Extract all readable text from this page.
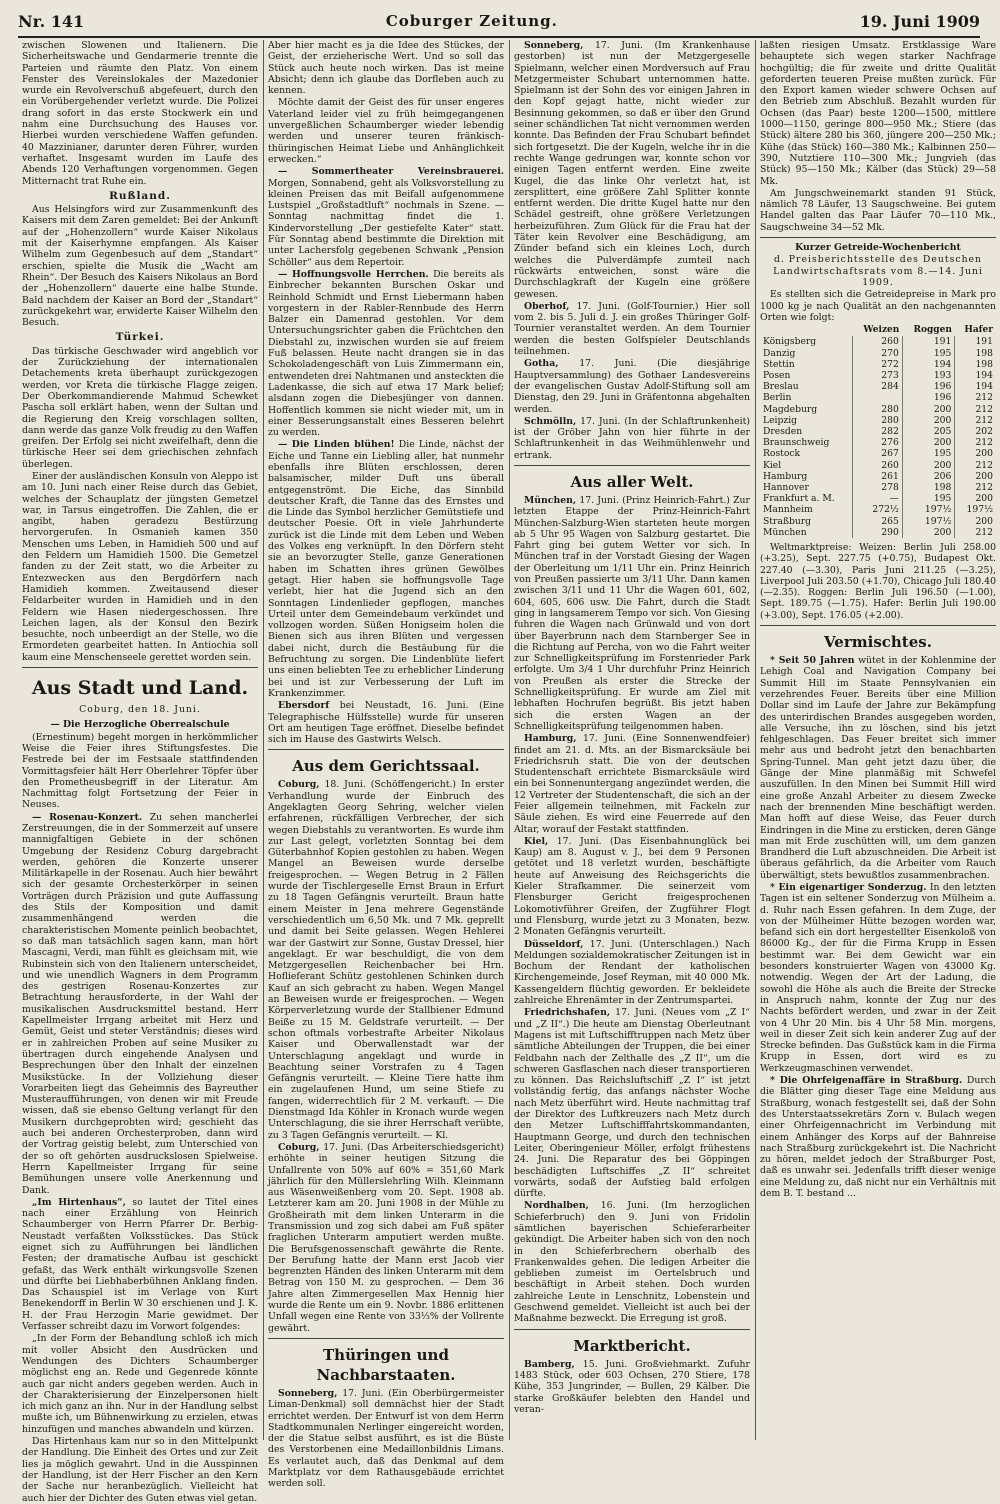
Nr. 141	Coburger Zeitung.	19. Juni 1909

zwischen Slowenen und Italienern. Die Sicherheitswache und Gendarmerie trennte die Parteien und räumte den Platz. Von einem Fenster des Vereinslokales der Mazedonier wurde ein Revolverschuß abgefeuert, durch den ein Vorübergehender verletzt wurde. Die Polizei drang sofort in das erste Stockwerk ein und nahm eine Durchsuchung des Hauses vor. Hierbei wurden verschiedene Waffen gefunden. 40 Mazzinianer, darunter deren Führer, wurden verhaftet. Insgesamt wurden im Laufe des Abends 120 Verhaftungen vorgenommen. Gegen Mitternacht trat Ruhe ein.

Rußland.

Aus Helsingfors wird zur Zusammenkunft des Kaisers mit dem Zaren gemeldet: Bei der Ankunft auf der „Hohenzollern“ wurde Kaiser Nikolaus mit der Kaiserhymne empfangen. Als Kaiser Wilhelm zum Gegenbesuch auf dem „Standart“ erschien, spielte die Musik die „Wacht am Rhein“. Der Besuch des Kaisers Nikolaus an Bord der „Hohenzollern“ dauerte eine halbe Stunde. Bald nachdem der Kaiser an Bord der „Standart“ zurückgekehrt war, erwiderte Kaiser Wilhelm den Besuch.

Türkei.

Das türkische Geschwader wird angeblich vor der Zurückziehung der internationalen Detachements kreta überhaupt zurückgezogen werden, vor Kreta die türkische Flagge zeigen. Der Oberkommandierende Mahmud Schewket Pascha soll erklärt haben, wenn der Sultan und die Regierung den Kreig vorschlagen sollten, dann werde das ganze Volk freudig zu den Waffen greifen. Der Erfolg sei nicht zweifelhaft, denn die türkische Heer sei dem griechischen zehnfach überlegen.

Einer der ausländischen Konsuln von Aleppo ist am 10. Juni nach einer Reise durch das Gebiet, welches der Schauplatz der jüngsten Gemetzel war, in Tarsus eingetroffen. Die Zahlen, die er angibt, haben geradezu Bestürzung hervorgerufen. In Osmanieh kamen 350 Menschen ums Leben, in Hamidieh 500 und auf den Feldern um Hamidieh 1500. Die Gemetzel fanden zu der Zeit statt, wo die Arbeiter zu Entezwecken aus den Bergdörfern nach Hamidieh kommen. Zweitausend dieser Feldarbeiter wurden in Hamidieh und in den Feldern wie Hasen niedergeschossen. Ihre Leichen lagen, als der Konsul den Bezirk besuchte, noch unbeerdigt an der Stelle, wo die Ermordeten gearbeitet hatten. In Antiochia soll kaum eine Menschenseele gerettet worden sein.

Aus Stadt und Land.
Coburg, den 18. Juni.
— Die Herzogliche Oberrealschule

(Ernestinum) begeht morgen in herkömmlicher Weise die Feier ihres Stiftungsfestes. Die Festrede bei der im Festsaale stattfindenden Vormittagsfeier hält Herr Oberlehrer Töpfer über den Prometheusbegriff in der Literatur. Am Nachmittag folgt Fortsetzung der Feier in Neuses.

— Rosenau-Konzert. Zu sehen mancherlei Zerstreuungen, die in der Sommerzeit auf unsere mannigfaltigen Gebiete in der schönen Umgebung der Residenz Coburg dargebracht werden, gehören die Konzerte unserer Militärkapelle in der Rosenau. Auch hier bewährt sich der gesamte Orchesterkörper in seinen Vorträgen durch Präzision und gute Auffassung des Stils der Komposition und damit zusammenhängend werden die charakteristischen Momente peinlich beobachtet, so daß man tatsächlich sagen kann, man hört Mascagni, Verdi, man fühlt es gleichsam mit, wie Rubinstein sich von den Italienern unterscheidet, und wie unendlich Wagners in dem Programm des gestrigen Rosenau-Konzertes zur Betrachtung herausforderte, in der Wahl der musikalischen Ausdrucksmittel bestand. Herr Kapellmeister Irrgang arbeitet mit Herz und Gemüt, Geist und steter Verständnis; dieses wird er in zahlreichen Proben auf seine Musiker zu übertragen durch eingehende Analysen und Besprechungen über den Inhalt der einzelnen Musikstücke. In der Vollziehung dieser Vorarbeiten liegt das Geheimnis des Bayreuther Musteraufführungen, von denen wir mit Freude wissen, daß sie ebenso Geltung verlangt für den Musikern durchgeprobten wird; geschieht das auch bei anderen Orchesterproben, dann wird der Vortrag geistig belebt, zum Unterschied von der so oft gehörten ausdruckslosen Spielweise. Herrn Kapellmeister Irrgang für seine Bemühungen unsere volle Anerkennung und Dank.

„Im Hirtenhaus“, so lautet der Titel eines nach einer Erzählung von Heinrich Schaumberger von Herrn Pfarrer Dr. Berbig-Neustadt verfaßten Volksstückes. Das Stück eignet sich zu Aufführungen bei ländlichen Festen; der dramatische Aufbau ist geschickt gefaßt, das Werk enthält wirkungsvolle Szenen und dürfte bei Liebhaberbühnen Anklang finden. Das Schauspiel ist im Verlage von Kurt Benekendorff in Berlin W 30 erschienen und J. K. H. der Frau Herzogin Marie gewidmet. Der Verfasser schreibt dazu im Vorwort folgendes:

„In der Form der Behandlung schloß ich mich mit voller Absicht den Ausdrücken und Wendungen des Dichters Schaumberger möglichst eng an. Rede und Gegenrede könnte auch gar nicht anders gegeben werden. Auch in der Charakterisierung der Einzelpersonen hielt ich mich ganz an ihn. Nur in der Handlung selbst mußte ich, um Bühnenwirkung zu erzielen, etwas hinzufügen und manches abwandeln und kürzen.

Das Hirtenhaus kam nur so in den Mittelpunkt der Handlung. Die Einheit des Ortes und zur Zeit lies ja möglich gewahrt. Und in die Ausspinnen der Handlung, ist der Herr Fischer an den Kern der Sache nur heranbezüglich. Vielleicht hat auch hier der Dichter des Guten etwas viel getan.

Aber hier macht es ja die Idee des Stückes, der Geist, der erzieherische Wert. Und so soll das Stück auch heute noch wirken. Das ist meine Absicht; denn ich glaube das Dorfleben auch zu kennen.

Möchte damit der Geist des für unser engeres Vaterland leider viel zu früh heimgegangenen unvergeßlichen Schaumberger wieder lebendig werden und unserer teuren fränkisch-thüringischen Heimat Liebe und Anhänglichkeit erwecken.“

— Sommertheater Vereinsbrauerei. Morgen, Sonnabend, geht als Volksvorstellung zu kleinen Preisen das mit Beifall aufgenommene Lustspiel „Großstadtluft“ nochmals in Szene. — Sonntag nachmittag findet die 1. Kindervorstellung „Der gestiefelte Kater“ statt. Für Sonntag abend bestimmte die Direktion mit unter Lachersfolg gegebenen Schwank „Pension Schöller“ aus dem Repertoir.

— Hoffnungsvolle Herrchen. Die bereits als Einbrecher bekannten Burschen Oskar und Reinhold Schmidt und Ernst Liebermann haben vorgestern in der Rabler-Rennbude des Herrn Balzer ein Damenrad gestohlen. Vor dem Untersuchungsrichter gaben die Früchtchen den Diebstahl zu, inzwischen wurden sie auf freiem Fuß belassen. Heute nacht drangen sie in das Schokoladengeschäft von Luis Zimmermann ein, entwendeten drei Nahtmanen und ansteckten die Ladenkasse, die sich auf etwa 17 Mark belief; alsdann zogen die Diebesjünger von dannen. Hoffentlich kommen sie nicht wieder mit, um in einer Besserungsanstalt eines Besseren belehrt zu werden.

— Die Linden blühen! Die Linde, nächst der Eiche und Tanne ein Liebling aller, hat nunmehr ebenfalls ihre Blüten erschlossen, deren balsamischer, milder Duft uns überall entgegenströmt. Die Eiche, das Sinnbild deutscher Kraft, die Tanne das des Ernstes und die Linde das Symbol herzlicher Gemütstiefe und deutscher Poesie. Oft in viele Jahrhunderte zurück ist die Linde mit dem Leben und Weben des Volkes eng verknüpft. In den Dörfern steht sie an bevorzugter Stelle, ganze Generationen haben im Schatten ihres grünen Gewölbes getagt. Hier haben sie hoffnungsvolle Tage verlebt, hier hat die Jugend sich an den Sonntagen Lindenlieder gepflogen, manches Urteil unter dem Gemeindebaum verkündet und vollzogen worden. Süßen Honigseim holen die Bienen sich aus ihren Blüten und vergessen dabei nicht, durch die Bestäubung für die Befruchtung zu sorgen. Die Lindenblüte liefert uns einen beliebten Tee zu erheblicher Linderung bei und ist zur Verbesserung der Luft im Krankenzimmer.

Ebersdorf bei Neustadt, 16. Juni. (Eine Telegraphische Hülfsstelle) wurde für unseren Ort am heutigen Tage eröffnet. Dieselbe befindet sich im Hause des Gastwirts Welsch.

Aus dem Gerichtssaal.

Coburg, 18. Juni. (Schöffengericht.) In erster Verhandlung wurde der Einbruch des Angeklagten Georg Sehring, welcher vielen erfahrenen, rückfälligen Verbrecher, der sich wegen Diebstahls zu verantworten. Es wurde ihm zur Last gelegt, vorletzten Sonntag bei dem Güterbahnhof Kopien gestohlen zu haben. Wegen Mangel an Beweisen wurde derselbe freigesprochen. — Wegen Betrug in 2 Fällen wurde der Tischlergeselle Ernst Braun in Erfurt zu 18 Tagen Gefängnis verurteilt. Braun hatte einem Meister in Jena mehrere Gegenstände verschiedentlich um 6,50 Mk. und 7 Mk. geprellt und damit bei Seite gelassen. Wegen Hehlerei war der Gastwirt zur Sonne, Gustav Dressel, hier angeklagt. Er war beschuldigt, die von dem Metzgergesellen Reichenbacher bei Hrn. Hoflieferant Schütz gestohlenen Schinken durch Kauf an sich gebracht zu haben. Wegen Mangel an Beweisen wurde er freigesprochen. — Wegen Körperverletzung wurde der Stallbiener Edmund Beiße zu 15 M. Geldstrafe verurteilt. — Der schon oftmals vorbestrafte Arbeiter Nikolaus Kaiser und Oberwallenstadt war der Unterschlagung angeklagt und wurde in Beachtung seiner Vorstrafen zu 4 Tagen Gefängnis verurteilt. — Kleine Tiere hatte ihm ein zugelaufenen Hund, um seine Stiefe zu fangen, widerrechtlich für 2 M. verkauft. — Die Dienstmagd Ida Köhler in Kronach wurde wegen Unterschlagung, die sie ihrer Herrschaft verübte, zu 3 Tagen Gefängnis verurteilt. — Kl.

Coburg, 17. Juni. (Das Arbeiterschiedsgericht) erhöhte in seiner heutigen Sitzung die Unfallrente von 50% auf 60% = 351,60 Mark jährlich für den Müllerslehrling Wilh. Kleinmann aus Wäsenweißenberg vom 20. Sept. 1908 ab. Letzterer kam am 20. Juni 1908 in der Mühle zu Großheirath mit dem linken Unterarm in die Transmission und zog sich dabei am Fuß später fraglichen Unterarm amputiert werden mußte. Die Berufsgenossenschaft gewährte die Rente. Der Berufung hatte der Mann erst Jacob vier begrenzten Händen des linken Unterarm mit dem Betrag von 150 M. zu gesprochen. — Dem 36 Jahre alten Zimmergesellen Max Hennig hier wurde die Rente um ein 9. Novbr. 1886 erlittenen Unfall wegen eine Rente von 33⅓% der Vollrente gewährt.

Thüringen und Nachbarstaaten.

Sonneberg, 17. Juni. (Ein Oberbürgermeister Liman-Denkmal) soll demnächst hier der Stadt errichtet werden. Der Entwurf ist von dem Herrn Stadtkommunalen Nerlinger eingereicht worden, der die Statue selbst ausführt, es ist die Büste des Verstorbenen eine Medaillonbildnis Limans. Es verlautet auch, daß das Denkmal auf dem Marktplatz vor dem Rathausgebäude errichtet werden soll.

Sonneberg, 17. Juni. (Im Krankenhause gestorben) ist nun der Metzgergeselle Spielmann, welcher einen Mordversuch auf Frau Metzgermeister Schubart unternommen hatte. Spielmann ist der Sohn des vor einigen Jahren in den Kopf gejagt hatte, nicht wieder zur Besinnung gekommen, so daß er über den Grund seiner schändlichen Tat nicht vernommen werden konnte. Das Befinden der Frau Schubart befindet sich fortgesetzt. Die der Kugeln, welche ihr in die rechte Wange gedrungen war, konnte schon vor einigen Tagen entfernt werden. Eine zweite Kugel, die das linke Ohr verletzt hat, ist zersplittert, eine größere Zahl Splitter konnte entfernt werden. Die dritte Kugel hatte nur den Schädel gestreift, ohne größere Verletzungen herbeizuführen. Zum Glück für die Frau hat der Täter kein Revolver eine Beschädigung, am Zünder befand sich ein kleines Loch, durch welches die Pulverdämpfe zumteil nach rückwärts entweichen, sonst wäre die Durchschlagkraft der Kugeln eine größere gewesen.

Oberhof, 17. Juni. (Golf-Tournier.) Hier soll vom 2. bis 5. Juli d. J. ein großes Thüringer Golf-Tournier veranstaltet werden. An dem Tournier werden die besten Golfspieler Deutschlands teilnehmen.

Gotha, 17. Juni. (Die diesjährige Hauptversammlung) des Gothaer Landesvereins der evangelischen Gustav Adolf-Stiftung soll am Dienstag, den 29. Juni in Gräfentonna abgehalten werden.

Schmölln, 17. Juni. (In der Schlaftrunkenheit) ist der Gröber Jahn von hier führte in der Schlaftrunkenheit in das Weihmühlenwehr und ertrank.

Aus aller Welt.

München, 17. Juni. (Prinz Heinrich-Fahrt.) Zur letzten Etappe der Prinz-Heinrich-Fahrt München-Salzburg-Wien starteten heute morgen ab 5 Uhr 95 Wagen von Salzburg gestartet. Die Fahrt ging bei gutem Wetter vor sich. In München traf in der Vorstadt Giesing der Wagen der Oberleitung um 1/11 Uhr ein. Prinz Heinrich von Preußen passierte um 3/11 Uhr. Dann kamen zwischen 3/11 und 11 Uhr die Wagen 601, 602, 604, 605, 606 usw. Die Fahrt, durch die Stadt ging in langsamerem Tempo vor sich. Von Giesing fuhren die Wagen nach Grünwald und von dort über Bayerbrunn nach dem Starnberger See in die Richtung auf Percha, von wo die Fahrt weiter zur Schnelligkeitsprüfung im Forstenrieder Park erfolgte. Um 3/4 1 Uhr durchfuhr Prinz Heinrich von Preußen als erster die Strecke der Schnelligkeitsprüfung. Er wurde am Ziel mit lebhaften Hochrufen begrüßt. Bis jetzt haben sich die ersten Wagen an der Schnelligkeitsprüfung teilgenommen haben.

Hamburg, 17. Juni. (Eine Sonnenwendfeier) findet am 21. d. Mts. an der Bismarcksäule bei Friedrichsruh statt. Die von der deutschen Studentenschaft errichtete Bismarcksäule wird ein bei Sonnenuntergang angezündet werden, die 12 Vertreter der Studentenschaft, die sich an der Feier allgemein teilnehmen, mit Fackeln zur Säule ziehen. Es wird eine Feuerrede auf den Altar, worauf der Festakt stattfinden.

Kiel, 17. Juni. (Das Eisenbahnunglück bei Kaup) am 8. August v. J., bei dem 9 Personen getötet und 18 verletzt wurden, beschäftigte heute auf Anweisung des Reichsgerichts die Kieler Strafkammer. Die seinerzeit vom Flensburger Gericht freigesprochenen Lokomotivführer Greifen, der Zugführer Flogt und Flensburg, wurde jetzt zu 3 Monaten, bezw. 2 Monaten Gefängnis verurteilt.

Düsseldorf, 17. Juni. (Unterschlagen.) Nach Meldungen sozialdemokratischer Zeitungen ist in Bochum der Rendant der katholischen Kirchengemeinde, Josef Reyman, mit 40 000 Mk. Kassengeldern flüchtig geworden. Er bekleidete zahlreiche Ehrenämter in der Zentrumspartei.

Friedrichshafen, 17. Juni. (Neues vom „Z I“ und „Z II“.) Die heute am Dienstag Oberleutnant Magens ist mit Luftschifftruppen nach Metz über sämtliche Abteilungen der Truppen, die bei einer Feldbahn nach der Zelthalle des „Z II“, um die schweren Gasflaschen nach dieser transportieren zu können. Das Reichsluftschiff „Z I“ ist jetzt vollständig fertig, das anfangs nächster Woche nach Metz überführt wird. Heute nachmittag traf der Direktor des Luftkreuzers nach Metz durch den Metzer Luftschifffahrtskommandanten, Hauptmann George, und durch den technischen Leiter, Oberingenieur Möller, erfolgt frühestens 24. Juni. Die Reparatur des bei Göppingen beschädigten Luftschiffes „Z II“ schreitet vorwärts, sodaß der Aufstieg bald erfolgen dürfte.

Nordhalben, 16. Juni. (Im herzoglichen Schieferbruch) den 9. Juni von Fridolin sämtlichen bayerischen Schieferarbeiter gekündigt. Die Arbeiter haben sich von den noch in den Schieferbrechern oberhalb des Frankenwaldes gehen. Die ledigen Arbeiter die geblieben zumeist im Oertelsbruch und beschäftigt in Arbeit stehen. Doch wurden zahlreiche Leute in Lenschnitz, Lobenstein und Geschwend gemeldet. Vielleicht ist auch bei der Maßnahme bezweckt. Die Erregung ist groß.

Marktbericht.

Bamberg, 15. Juni. Großviehmarkt. Zufuhr 1483 Stück, oder 603 Ochsen, 270 Stiere, 178 Kühe, 353 Jungrinder, — Bullen, 29 Kälber. Die starke Großkäufer belebten den Handel und veran-

laßten riesigen Umsatz. Erstklassige Ware behauptete sich wegen starker Nachfrage hochgültig; die für zweite und dritte Qualität geforderten teueren Preise mußten zurück. Für den Export kamen wieder schwere Ochsen auf den Betrieb zum Abschluß. Bezahlt wurden für Ochsen (das Paar) beste 1200—1500, mittlere 1000—1150, geringe 800—950 Mk.; Stiere (das Stück) ältere 280 bis 360, jüngere 200—250 Mk.; Kühe (das Stück) 160—380 Mk.; Kalbinnen 250—390, Nutztiere 110—300 Mk.; Jungvieh (das Stück) 95—150 Mk.; Kälber (das Stück) 29—58 Mk.

Am Jungschweinemarkt standen 91 Stück, nämlich 78 Läufer, 13 Saugschweine. Bei gutem Handel galten das Paar Läufer 70—110 Mk., Saugschweine 34—52 Mk.

Kurzer Getreide-Wochenbericht
d. Preisberichtsstelle des Deutschen Landwirtschaftsrats vom 8.—14. Juni 1909.

Es stellten sich die Getreidepreise in Mark pro 1000 kg je nach Qualität an den nachgenannten Orten wie folgt:

	Weizen	Roggen	Hafer
Königsberg	260	191	191
Danzig	270	195	198
Stettin	272	194	198
Posen	273	193	194
Breslau	284	196	194
Berlin		196	212
Magdeburg	280	200	212
Leipzig	280	200	212
Dresden	282	205	202
Braunschweig	276	200	212
Rostock	267	195	200
Kiel	260	200	212
Hamburg	261	206	200
Hannover	278	198	212
Frankfurt a. M.	—	195	200
Mannheim	272½	197½	197½
Straßburg	265	197½	200
München	290	200	212

Weltmarktpreise: Weizen: Berlin Juli 258.00 (+3.25), Sept. 227.75 (+0.75), Budapest Okt. 227.40 (—3.30), Paris Juni 211.25 (—3.25), Liverpool Juli 203.50 (+1.70), Chicago Juli 180.40 (—2.35). Roggen: Berlin Juli 196.50 (—1.00), Sept. 189.75 (—1.75). Hafer: Berlin Juli 190.00 (+3.00), Sept. 176.05 (+2.00).

Vermischtes.

* Seit 50 Jahren wütet in der Kohlenmine der Lehigh Coal and Navigation Company bei Summit Hill im Staate Pennsylvanien ein verzehrendes Feuer. Bereits über eine Million Dollar sind im Laufe der Jahre zur Bekämpfung des unterirdischen Brandes ausgegeben worden, alle Versuche, ihn zu löschen, sind bis jetzt fehlgeschlagen. Das Feuer breitet sich immer mehr aus und bedroht jetzt den benachbarten Spring-Tunnel. Man geht jetzt dazu über, die Gänge der Mine planmäßig mit Schwefel auszufüllen. In den Minen bei Summit Hill wird eine große Anzahl Arbeiter zu diesem Zwecke nach der brennenden Mine beschäftigt werden. Man hofft auf diese Weise, das Feuer durch Eindringen in die Mine zu ersticken, deren Gänge man mit Erde zuschütten will, um dem ganzen Brandherd die Luft abzuschneiden. Die Arbeit ist überaus gefährlich, da die Arbeiter vom Rauch überwältigt, stets bewußtlos zusammenbrachen.

* Ein eigenartiger Sonderzug. In den letzten Tagen ist ein seltener Sonderzug von Mülheim a. d. Ruhr nach Essen gefahren. In dem Zuge, der von der Mülheimer Hütte bezogen worden war, befand sich ein dort hergestellter Eisenkoloß von 86000 Kg., der für die Firma Krupp in Essen bestimmt war. Bei dem Gewicht war ein besonders konstruierter Wagen von 43000 Kg. notwendig. Wegen der Art der Ladung, die sowohl die Höhe als auch die Breite der Strecke in Anspruch nahm, konnte der Zug nur des Nachts befördert werden, und zwar in der Zeit von 4 Uhr 20 Min. bis 4 Uhr 58 Min. morgens, weil in dieser Zeit sich kein anderer Zug auf der Strecke befinden. Das Gußstück kam in die Firma Krupp in Essen, dort wird es zu Werkzeugmaschinen verwendet.

* Die Ohrfeigenaffäre in Straßburg. Durch die Blätter ging dieser Tage eine Meldung aus Straßburg, wonach festgestellt sei, daß der Sohn des Unterstaatssekretärs Zorn v. Bulach wegen einer Ohrfeigennachricht im Verbindung mit einem Anhänger des Korps auf der Bahnreise nach Straßburg zurückgekehrt ist. Die Nachricht zu hören, meldet jedoch der Straßburger Post, daß es unwahr sei. Jedenfalls trifft dieser wenige eine Meldung zu, daß nicht nur ein Verhältnis mit dem B. T. bestand ...
